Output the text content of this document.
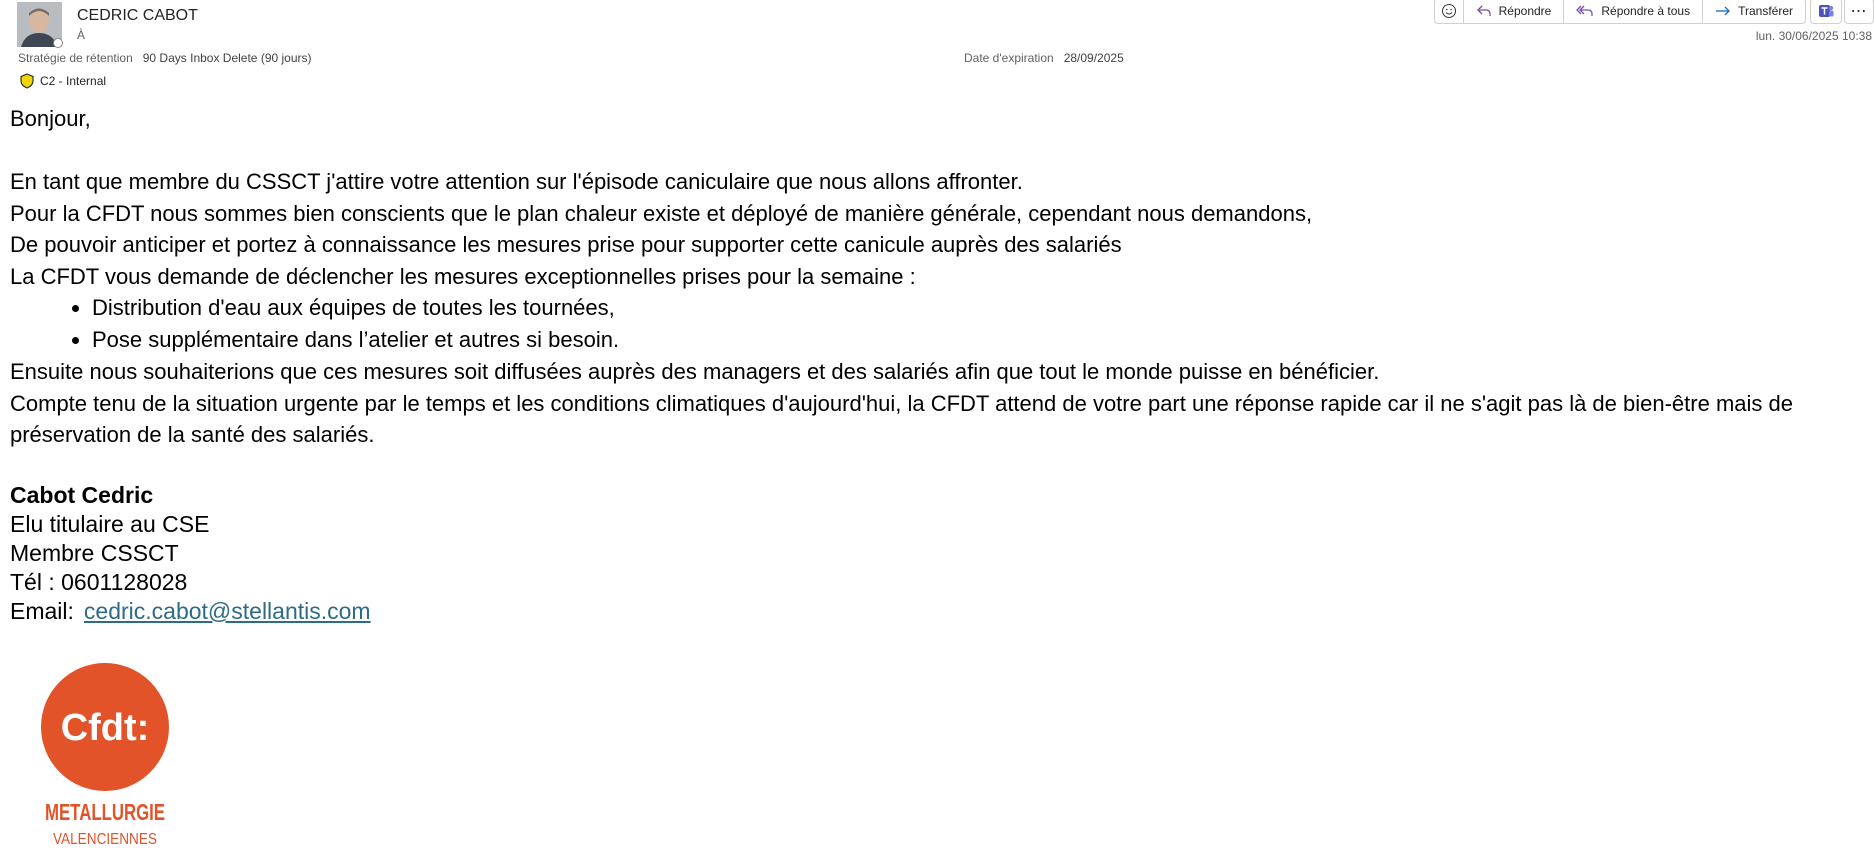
CEDRIC CABOT
À
Répondre	Répondre à tous	Transférer	⋯
lun. 30/06/2025 10:38
Stratégie de rétention 90 Days Inbox Delete (90 jours)	Date d'expiration 28/09/2025
C2 - Internal

Bonjour,

En tant que membre du CSSCT j'attire votre attention sur l'épisode caniculaire que nous allons affronter.

Pour la CFDT nous sommes bien conscients que le plan chaleur existe et déployé de manière générale, cependant nous demandons,

De pouvoir anticiper et portez à connaissance les mesures prise pour supporter cette canicule auprès des salariés

La CFDT vous demande de déclencher les mesures exceptionnelles prises pour la semaine :

• Distribution d'eau aux équipes de toutes les tournées,
• Pose supplémentaire dans l’atelier et autres si besoin.

Ensuite nous souhaiterions que ces mesures soit diffusées auprès des managers et des salariés afin que tout le monde puisse en bénéficier.

Compte tenu de la situation urgente par le temps et les conditions climatiques d'aujourd'hui, la CFDT attend de votre part une réponse rapide car il ne s'agit pas là de bien-être mais de préservation de la santé des salariés.

Cabot Cedric
Elu titulaire au CSE
Membre CSSCT
Tél : 0601128028
Email: cedric.cabot@stellantis.com
Cfdt:
METALLURGIE
VALENCIENNES
